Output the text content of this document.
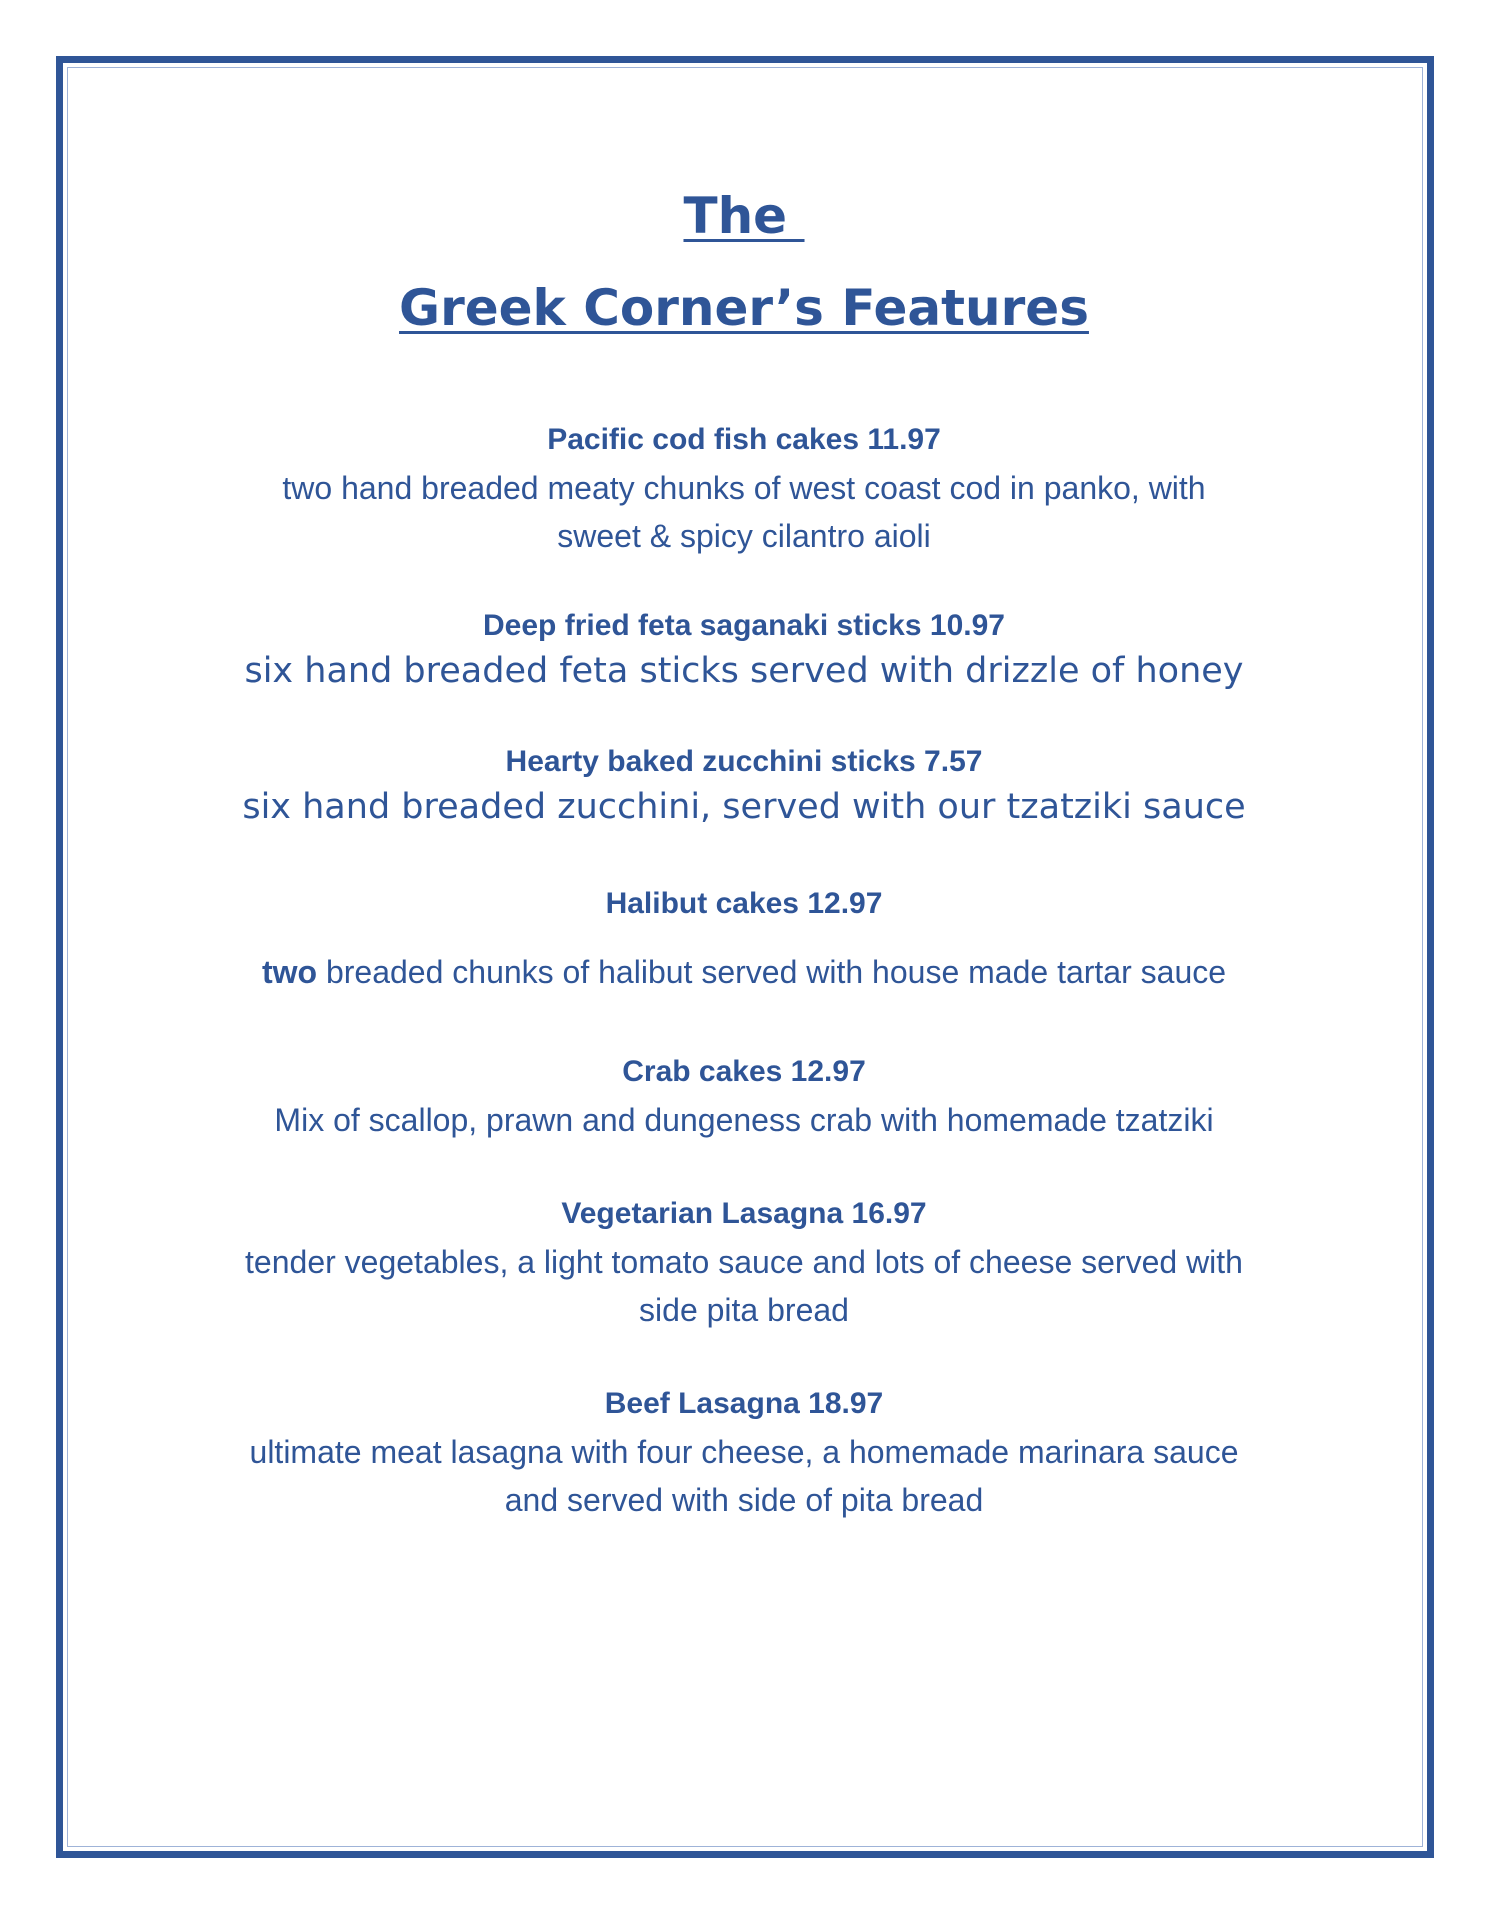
The
Greek Corner’s Features
Pacific cod fish cakes 11.97
two hand breaded meaty chunks of west coast cod in panko, with
sweet & spicy cilantro aioli
Deep fried feta saganaki sticks 10.97
six hand breaded feta sticks served with drizzle of honey
Hearty baked zucchini sticks 7.57
six hand breaded zucchini, served with our tzatziki sauce
Halibut cakes 12.97
two breaded chunks of halibut served with house made tartar sauce
Crab cakes 12.97
Mix of scallop, prawn and dungeness crab with homemade tzatziki
Vegetarian Lasagna 16.97
tender vegetables, a light tomato sauce and lots of cheese served with
side pita bread
Beef Lasagna 18.97
ultimate meat lasagna with four cheese, a homemade marinara sauce
and served with side of pita bread
